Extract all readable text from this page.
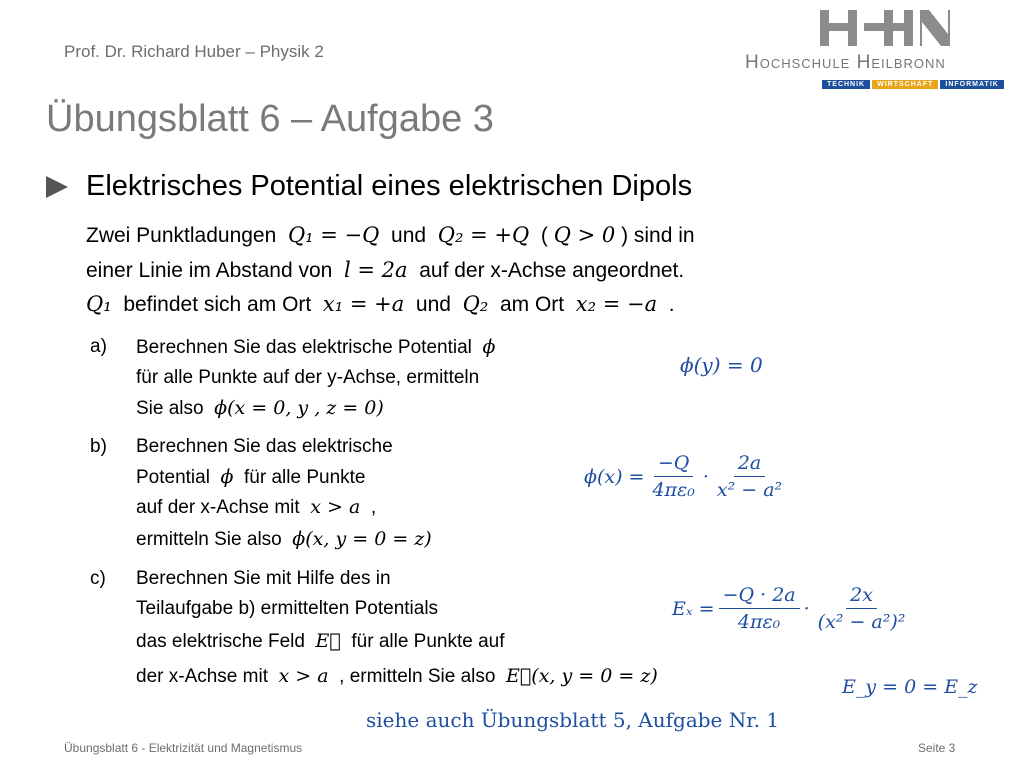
Prof. Dr. Richard Huber – Physik 2
Hochschule Heilbronn
TECHNIK	WIRTSCHAFT	INFORMATIK
Übungsblatt 6 – Aufgabe 3
Elektrisches Potential eines elektrischen Dipols
Zwei Punktladungen Q₁ = −Q und Q₂ = +Q ( Q > 0 ) sind in
einer Linie im Abstand von l = 2a auf der x-Achse angeordnet.
Q₁ befindet sich am Ort x₁ = +a und Q₂ am Ort x₂ = −a .
a) Berechnen Sie das elektrische Potential ϕ
für alle Punkte auf der y-Achse, ermitteln
Sie also ϕ(x = 0, y , z = 0)
ϕ(y) = 0
b) Berechnen Sie das elektrische
Potential ϕ für alle Punkte
auf der x-Achse mit x > a ,
ermitteln Sie also ϕ(x, y = 0 = z)
$\phi(x) = \frac{-Q}{\text{4πε₀}} \cdot \frac{2a}{\text{x² − a²}}$
c) Berechnen Sie mit Hilfe des in
Teilaufgabe b) ermittelten Potentials
das elektrische Feld E⃗ für alle Punkte auf
der x-Achse mit x > a , ermitteln Sie also E⃗(x, y = 0 = z)
$E_x = \frac{-Q \cdot 2a}{\text{4πε₀}} \cdot \frac{2x}{\text{(x² − a²)²}}$
E_y = 0 = E_z
siehe auch Übungsblatt 5, Aufgabe Nr. 1
Übungsblatt 6 - Elektrizität und Magnetismus	Seite 3
